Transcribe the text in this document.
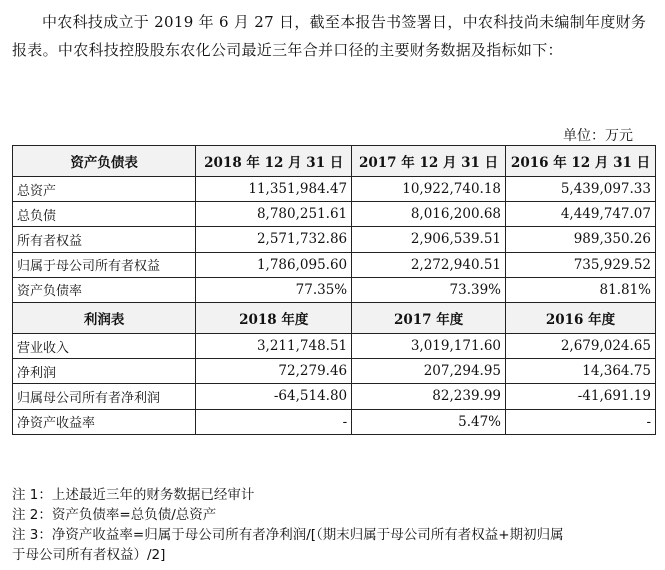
中农科技成立于 2019 年 6 月 27 日，截至本报告书签署日，中农科技尚未编制年度财务报表。中农科技控股股东农化公司最近三年合并口径的主要财务数据及指标如下：
单位：万元
资产负债表	2018 年 12 月 31 日	2017 年 12 月 31 日	2016 年 12 月 31 日
总资产	11,351,984.47	10,922,740.18	5,439,097.33
总负债	8,780,251.61	8,016,200.68	4,449,747.07
所有者权益	2,571,732.86	2,906,539.51	989,350.26
归属于母公司所有者权益	1,786,095.60	2,272,940.51	735,929.52
资产负债率	77.35%	73.39%	81.81%
利润表	2018 年度	2017 年度	2016 年度
营业收入	3,211,748.51	3,019,171.60	2,679,024.65
净利润	72,279.46	207,294.95	14,364.75
归属母公司所有者净利润	-64,514.80	82,239.99	-41,691.19
净资产收益率	-	5.47%	-
注 1：上述最近三年的财务数据已经审计
注 2：资产负债率=总负债/总资产
注 3：净资产收益率=归属于母公司所有者净利润/[（期末归属于母公司所有者权益+期初归属
于母公司所有者权益）/2]
